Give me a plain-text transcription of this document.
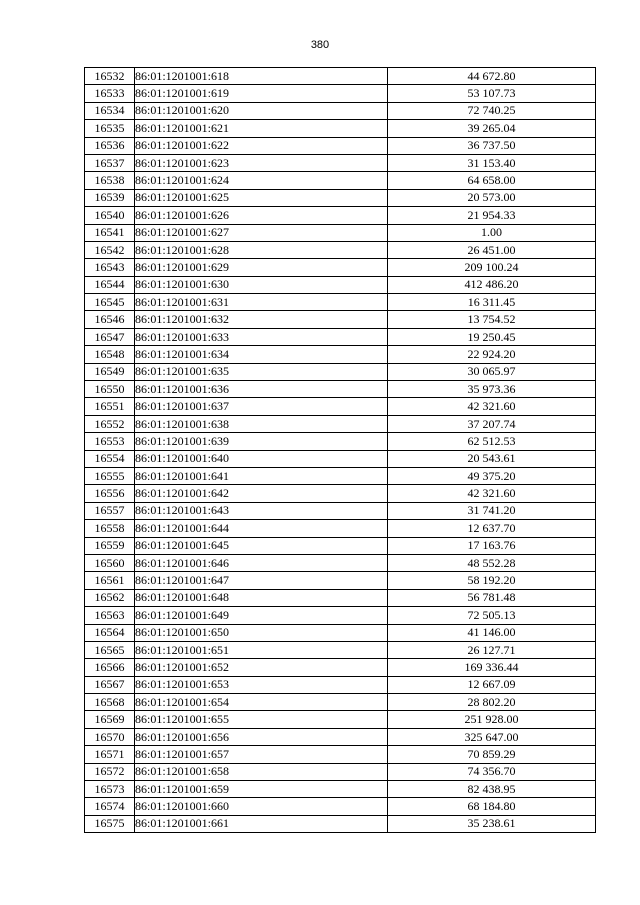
380
16532	86:01:1201001:618	44 672.80
16533	86:01:1201001:619	53 107.73
16534	86:01:1201001:620	72 740.25
16535	86:01:1201001:621	39 265.04
16536	86:01:1201001:622	36 737.50
16537	86:01:1201001:623	31 153.40
16538	86:01:1201001:624	64 658.00
16539	86:01:1201001:625	20 573.00
16540	86:01:1201001:626	21 954.33
16541	86:01:1201001:627	1.00
16542	86:01:1201001:628	26 451.00
16543	86:01:1201001:629	209 100.24
16544	86:01:1201001:630	412 486.20
16545	86:01:1201001:631	16 311.45
16546	86:01:1201001:632	13 754.52
16547	86:01:1201001:633	19 250.45
16548	86:01:1201001:634	22 924.20
16549	86:01:1201001:635	30 065.97
16550	86:01:1201001:636	35 973.36
16551	86:01:1201001:637	42 321.60
16552	86:01:1201001:638	37 207.74
16553	86:01:1201001:639	62 512.53
16554	86:01:1201001:640	20 543.61
16555	86:01:1201001:641	49 375.20
16556	86:01:1201001:642	42 321.60
16557	86:01:1201001:643	31 741.20
16558	86:01:1201001:644	12 637.70
16559	86:01:1201001:645	17 163.76
16560	86:01:1201001:646	48 552.28
16561	86:01:1201001:647	58 192.20
16562	86:01:1201001:648	56 781.48
16563	86:01:1201001:649	72 505.13
16564	86:01:1201001:650	41 146.00
16565	86:01:1201001:651	26 127.71
16566	86:01:1201001:652	169 336.44
16567	86:01:1201001:653	12 667.09
16568	86:01:1201001:654	28 802.20
16569	86:01:1201001:655	251 928.00
16570	86:01:1201001:656	325 647.00
16571	86:01:1201001:657	70 859.29
16572	86:01:1201001:658	74 356.70
16573	86:01:1201001:659	82 438.95
16574	86:01:1201001:660	68 184.80
16575	86:01:1201001:661	35 238.61
